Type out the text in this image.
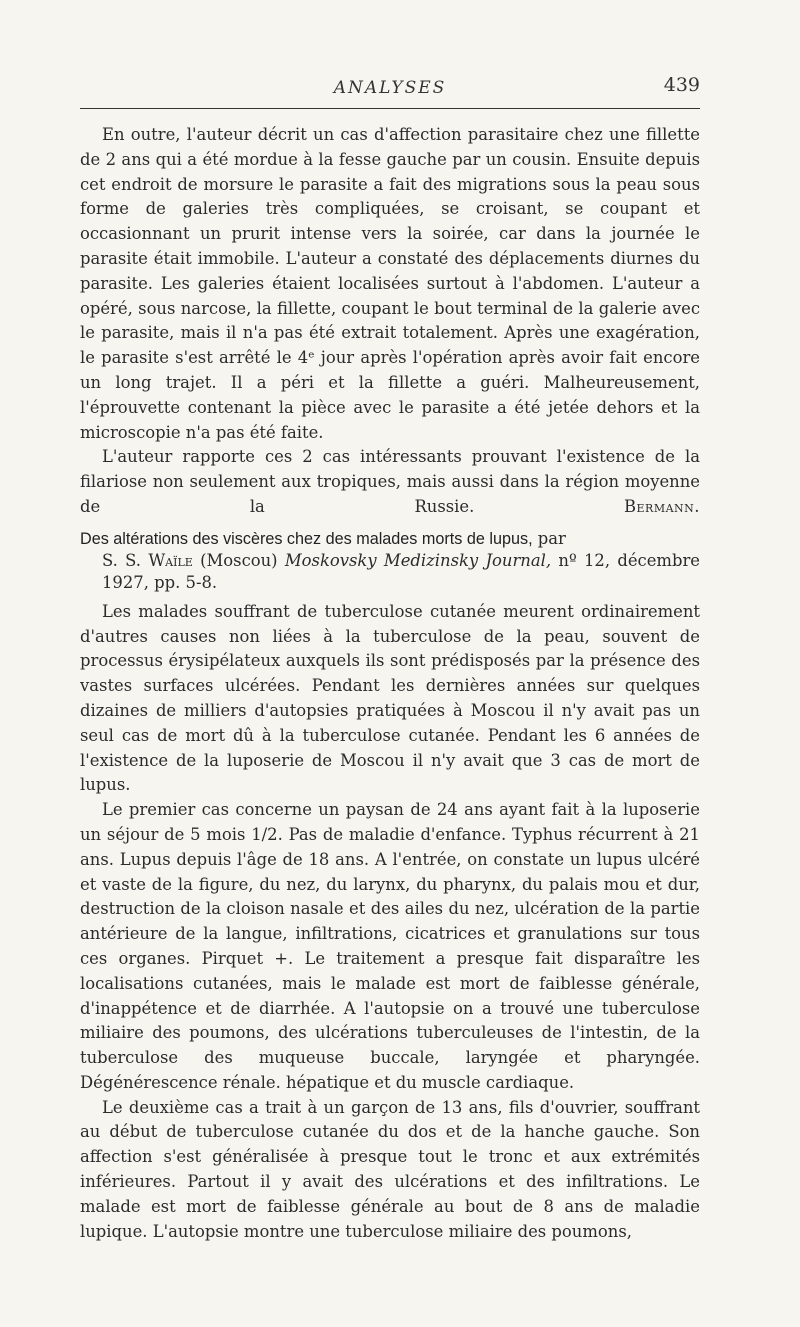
ANALYSES	439

En outre, l'auteur décrit un cas d'affection parasitaire chez une fillette de 2 ans qui a été mordue à la fesse gauche par un cousin. Ensuite depuis cet endroit de morsure le parasite a fait des migrations sous la peau sous forme de galeries très compliquées, se croisant, se coupant et occasionnant un prurit intense vers la soirée, car dans la journée le parasite était immobile. L'auteur a constaté des déplacements diurnes du parasite. Les galeries étaient localisées surtout à l'abdomen. L'auteur a opéré, sous narcose, la fillette, coupant le bout terminal de la galerie avec le parasite, mais il n'a pas été extrait totalement. Après une exagération, le parasite s'est arrêté le 4ᵉ jour après l'opération après avoir fait encore un long trajet. Il a péri et la fillette a guéri. Malheureusement, l'éprouvette contenant la pièce avec le parasite a été jetée dehors et la microscopie n'a pas été faite.

L'auteur rapporte ces 2 cas intéressants prouvant l'existence de la filariose non seulement aux tropiques, mais aussi dans la région moyenne de la Russie.	Bermann.

Des altérations des viscères chez des malades morts de lupus, par
S. S. Waïle (Moscou) Moskovsky Medizinsky Journal, nº 12, décembre 1927, pp. 5-8.

Les malades souffrant de tuberculose cutanée meurent ordinairement d'autres causes non liées à la tuberculose de la peau, souvent de processus érysipélateux auxquels ils sont prédisposés par la présence des vastes surfaces ulcérées. Pendant les dernières années sur quelques dizaines de milliers d'autopsies pratiquées à Moscou il n'y avait pas un seul cas de mort dû à la tuberculose cutanée. Pendant les 6 années de l'existence de la luposerie de Moscou il n'y avait que 3 cas de mort de lupus.

Le premier cas concerne un paysan de 24 ans ayant fait à la luposerie un séjour de 5 mois 1/2. Pas de maladie d'enfance. Typhus récurrent à 21 ans. Lupus depuis l'âge de 18 ans. A l'entrée, on constate un lupus ulcéré et vaste de la figure, du nez, du larynx, du pharynx, du palais mou et dur, destruction de la cloison nasale et des ailes du nez, ulcération de la partie antérieure de la langue, infiltrations, cicatrices et granulations sur tous ces organes. Pirquet +. Le traitement a presque fait disparaître les localisations cutanées, mais le malade est mort de faiblesse générale, d'inappétence et de diarrhée. A l'autopsie on a trouvé une tuberculose miliaire des poumons, des ulcérations tuberculeuses de l'intestin, de la tuberculose des muqueuse buccale, laryngée et pharyngée. Dégénérescence rénale. hépatique et du muscle cardiaque.

Le deuxième cas a trait à un garçon de 13 ans, fils d'ouvrier, souffrant au début de tuberculose cutanée du dos et de la hanche gauche. Son affection s'est généralisée à presque tout le tronc et aux extrémités inférieures. Partout il y avait des ulcérations et des infiltrations. Le malade est mort de faiblesse générale au bout de 8 ans de maladie lupique. L'autopsie montre une tuberculose miliaire des poumons,
